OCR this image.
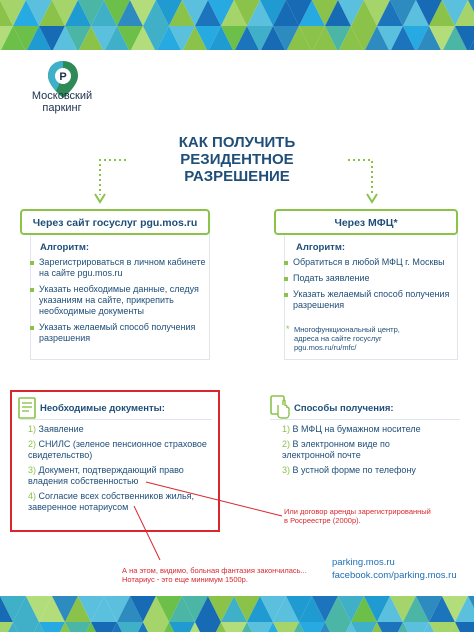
P
Московский паркинг
КАК ПОЛУЧИТЬ РЕЗИДЕНТНОЕ РАЗРЕШЕНИЕ
Через сайт госуслуг pgu.mos.ru
Алгоритм:
Зарегистрироваться в личном кабинете на сайте pgu.mos.ru
Указать необходимые данные, следуя указаниям на сайте, прикрепить необходимые документы
Указать желаемый способ получения разрешения
Через МФЦ*
Алгоритм:
Обратиться в любой МФЦ г. Москвы
Подать заявление
Указать желаемый способ получения разрешения
* Многофункциональный центр, адреса на сайте госуслуг pgu.mos.ru/ru/mfc/
Необходимые документы:
1) Заявление
2) СНИЛС (зеленое пенсионное страховое свидетельство)
3) Документ, подтверждающий право владения собственностью
4) Согласие всех собственников жилья, заверенное нотариусом
Способы получения:
1) В МФЦ на бумажном носителе
2) В электронном виде по электронной почте
3) В устной форме по телефону
Или договор аренды зарегистрированный в Росреестре (2000р).
А на этом, видимо, больная фантазия закончилась... Нотариус - это еще минимум 1500р.
parking.mos.ru
facebook.com/parking.mos.ru
